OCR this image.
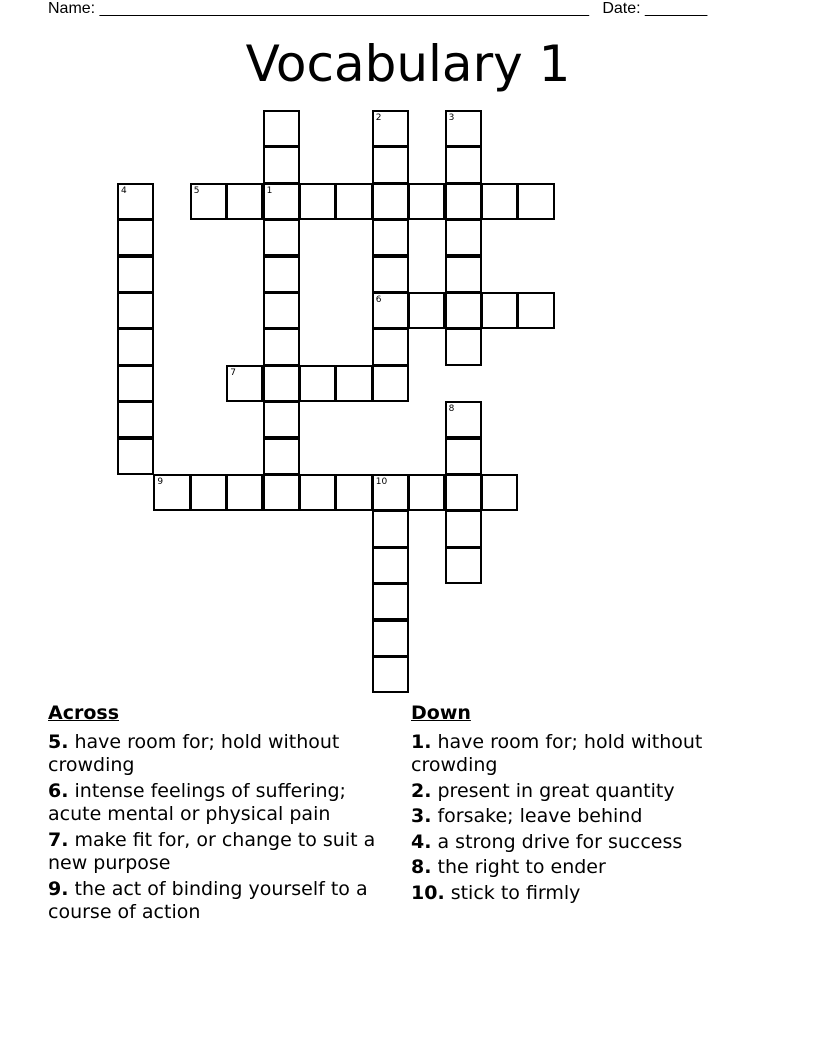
Name: _______________________________________________________   Date: _______
Vocabulary 1
1
2
6
3
4	5
7
8
9	10
Across
5. have room for; hold without crowding
6. intense feelings of suffering; acute mental or physical pain
7. make fit for, or change to suit a new purpose
9. the act of binding yourself to a course of action
Down
1. have room for; hold without crowding
2. present in great quantity
3. forsake; leave behind
4. a strong drive for success
8. the right to ender
10. stick to firmly
